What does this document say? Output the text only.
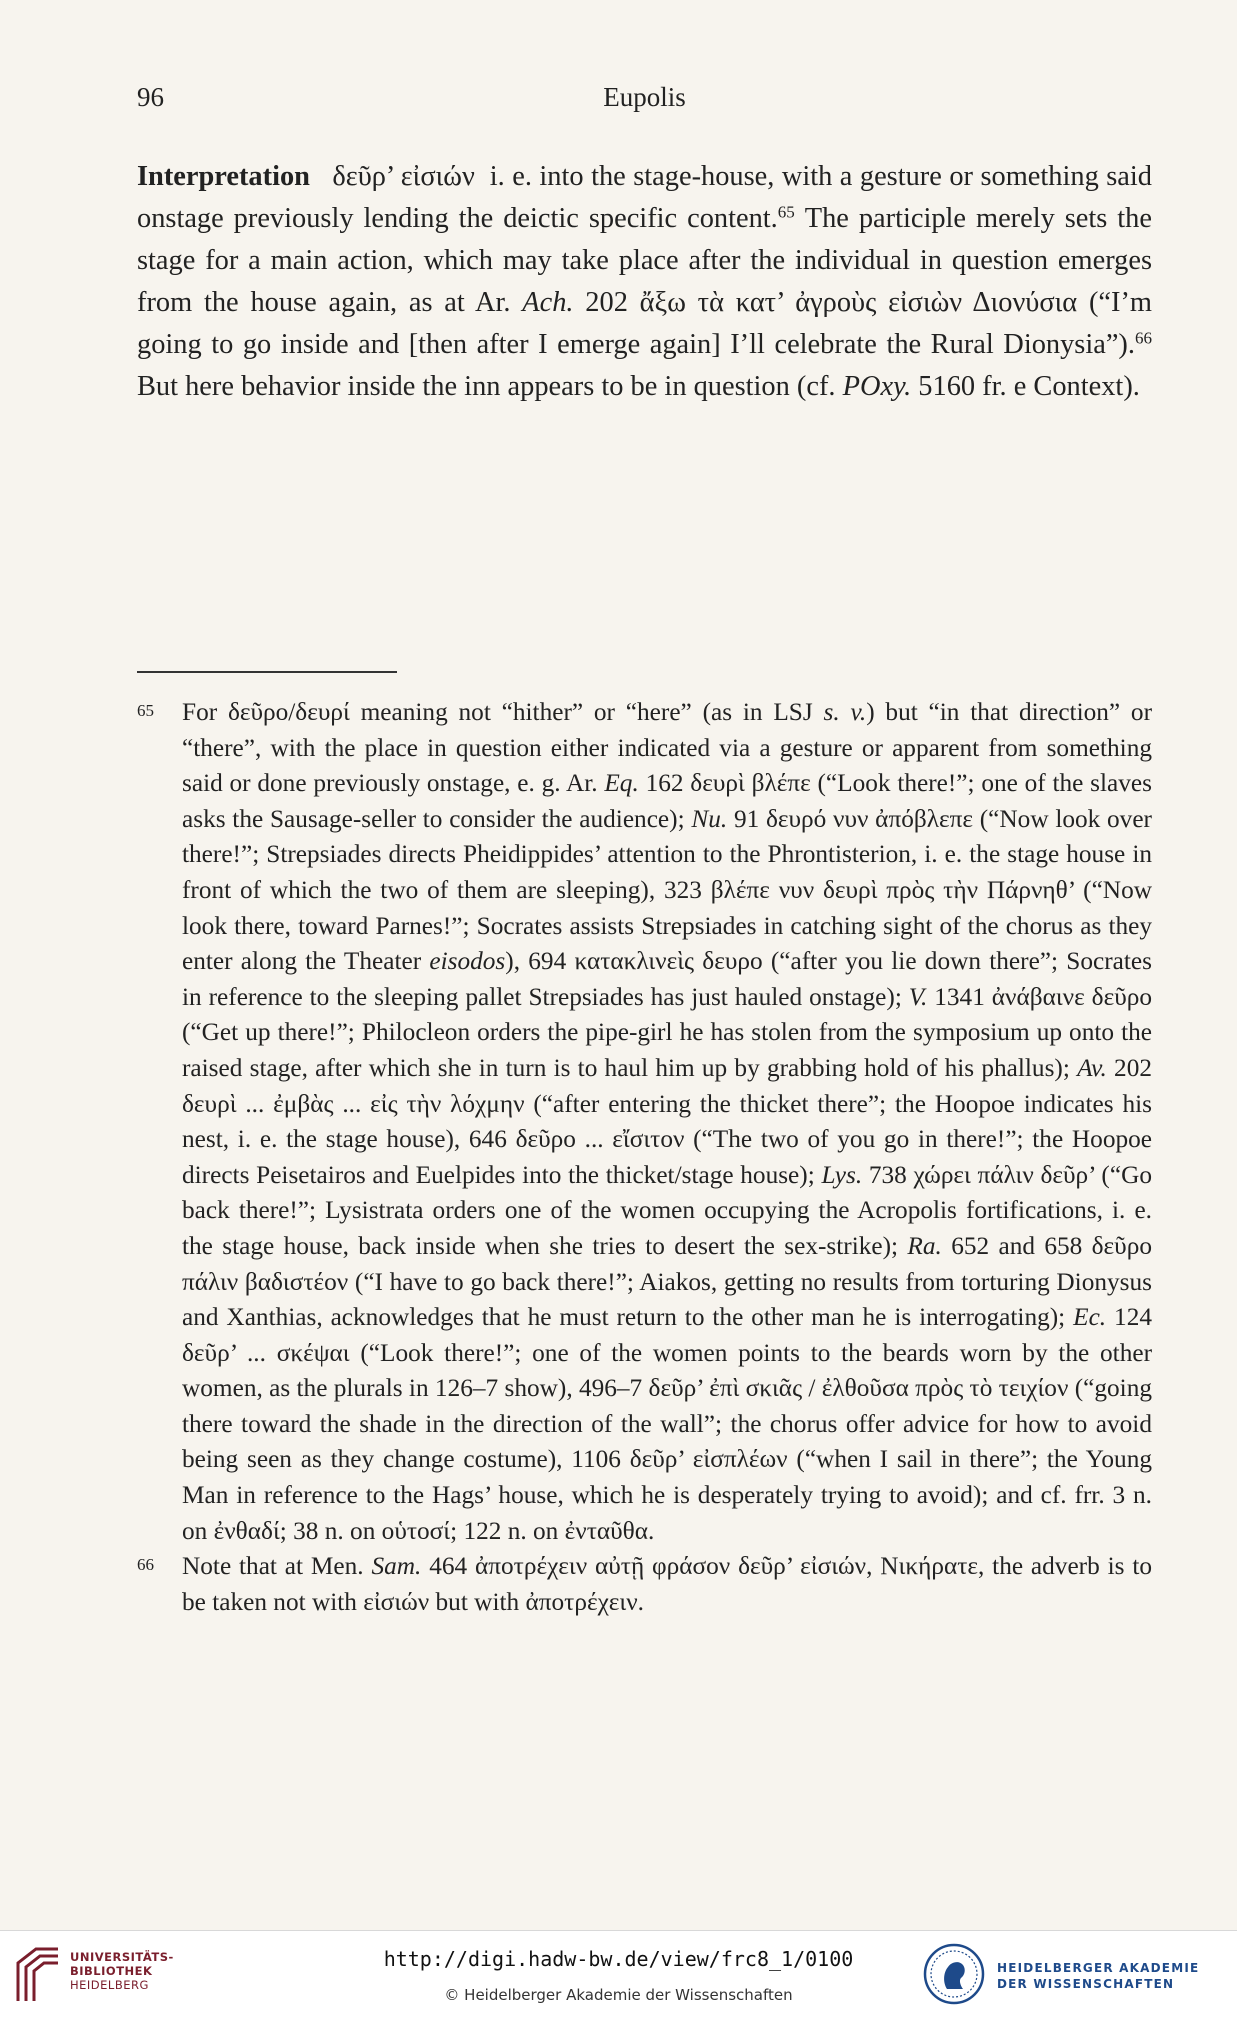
96	Eupolis
Interpretation δεῦρ’ εἰσιών i. e. into the stage-house, with a gesture or something said onstage previously lending the deictic specific content.$^{65}$ The participle merely sets the stage for a main action, which may take place after the individual in question emerges from the house again, as at Ar. Ach. 202 ἄξω τὰ κατ’ ἀγροὺς εἰσιὼν Διονύσια (“I’m going to go inside and [then after I emerge again] I’ll celebrate the Rural Dionysia”).$^{66}$ But here behavior inside the inn appears to be in question (cf. POxy. 5160 fr. e Context).
65 For δεῦρο/δευρί meaning not “hither” or “here” (as in LSJ s. v.) but “in that direction” or “there”, with the place in question either indicated via a gesture or apparent from something said or done previously onstage, e. g. Ar. Eq. 162 δευρὶ βλέπε (“Look there!”; one of the slaves asks the Sausage-seller to consider the audience); Nu. 91 δευρό νυν ἀπόβλεπε (“Now look over there!”; Strepsiades directs Pheidippides’ attention to the Phrontisterion, i. e. the stage house in front of which the two of them are sleeping), 323 βλέπε νυν δευρὶ πρὸς τὴν Πάρνηθ’ (“Now look there, toward Parnes!”; Socrates assists Strepsiades in catching sight of the chorus as they enter along the Theater eisodos), 694 κατακλινεὶς δευρο (“after you lie down there”; Socrates in reference to the sleeping pallet Strepsiades has just hauled onstage); V. 1341 ἀνάβαινε δεῦρο (“Get up there!”; Philocleon orders the pipe-girl he has stolen from the symposium up onto the raised stage, after which she in turn is to haul him up by grabbing hold of his phallus); Av. 202 δευρὶ ... ἐμβὰς ... εἰς τὴν λόχμην (“after entering the thicket there”; the Hoopoe indicates his nest, i. e. the stage house), 646 δεῦρο ... εἴσιτον (“The two of you go in there!”; the Hoopoe directs Peisetairos and Euelpides into the thicket/stage house); Lys. 738 χώρει πάλιν δεῦρ’ (“Go back there!”; Lysistrata orders one of the women occupying the Acropolis fortifications, i. e. the stage house, back inside when she tries to desert the sex-strike); Ra. 652 and 658 δεῦρο πάλιν βαδιστέον (“I have to go back there!”; Aiakos, getting no results from torturing Dionysus and Xanthias, acknowledges that he must return to the other man he is interrogating); Ec. 124 δεῦρ’ ... σκέψαι (“Look there!”; one of the women points to the beards worn by the other women, as the plurals in 126–7 show), 496–7 δεῦρ’ ἐπὶ σκιᾶς / ἐλθοῦσα πρὸς τὸ τειχίον (“going there toward the shade in the direction of the wall”; the chorus offer advice for how to avoid being seen as they change costume), 1106 δεῦρ’ εἰσπλέων (“when I sail in there”; the Young Man in reference to the Hags’ house, which he is desperately trying to avoid); and cf. frr. 3 n. on ἐνθαδί; 38 n. on οὑτοσί; 122 n. on ἐνταῦθα.

66 Note that at Men. Sam. 464 ἀποτρέχειν αὐτῇ φράσον δεῦρ’ εἰσιών, Νικήρατε, the adverb is to be taken not with εἰσιών but with ἀποτρέχειν.

UNIVERSITÄTS-
BIBLIOTHEK
HEIDELBERG
http://digi.hadw-bw.de/view/frc8_1/0100
© Heidelberger Akademie der Wissenschaften
HEIDELBERGER AKADEMIE
DER WISSENSCHAFTEN
